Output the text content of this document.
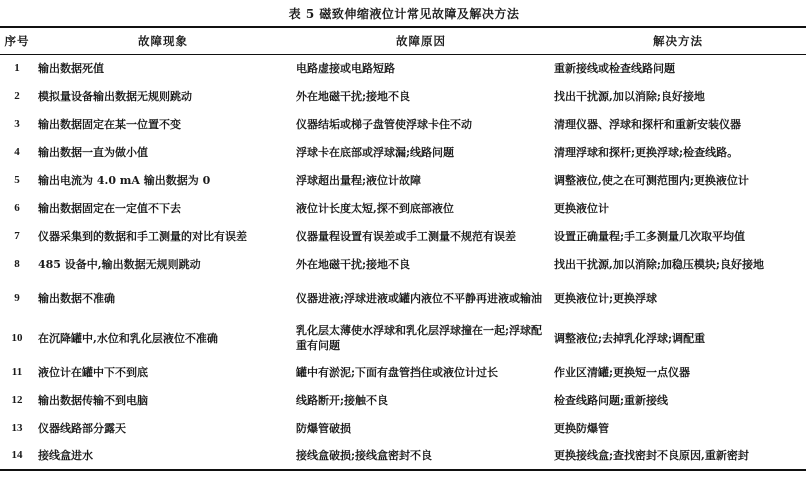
表 5 磁致伸缩液位计常见故障及解决方法
序号	故障现象	故障原因	解决方法
1	输出数据死值	电路虚接或电路短路	重新接线或检查线路问题
2	模拟量设备输出数据无规则跳动	外在地磁干扰;接地不良	找出干扰源,加以消除;良好接地
3	输出数据固定在某一位置不变	仪器结垢或梯子盘管使浮球卡住不动	清理仪器、浮球和探杆和重新安装仪器
4	输出数据一直为做小值	浮球卡在底部或浮球漏;线路问题	清理浮球和探杆;更换浮球;检查线路。
5	输出电流为 4.0 mA 输出数据为 0	浮球超出量程;液位计故障	调整液位,使之在可测范围内;更换液位计
6	输出数据固定在一定值不下去	液位计长度太短,探不到底部液位	更换液位计
7	仪器采集到的数据和手工测量的对比有误差	仪器量程设置有误差或手工测量不规范有误差	设置正确量程;手工多测量几次取平均值
8	485 设备中,输出数据无规则跳动	外在地磁干扰;接地不良	找出干扰源,加以消除;加稳压模块;良好接地
9	输出数据不准确	仪器进液;浮球进液或罐内液位不平静再进液或输油	更换液位计;更换浮球
10	在沉降罐中,水位和乳化层液位不准确	乳化层太薄使水浮球和乳化层浮球撞在一起;浮球配重有问题	调整液位;去掉乳化浮球;调配重
11	液位计在罐中下不到底	罐中有淤泥;下面有盘管挡住或液位计过长	作业区清罐;更换短一点仪器
12	输出数据传输不到电脑	线路断开;接触不良	检查线路问题;重新接线
13	仪器线路部分露天	防爆管破损	更换防爆管
14	接线盒进水	接线盒破损;接线盒密封不良	更换接线盒;查找密封不良原因,重新密封
